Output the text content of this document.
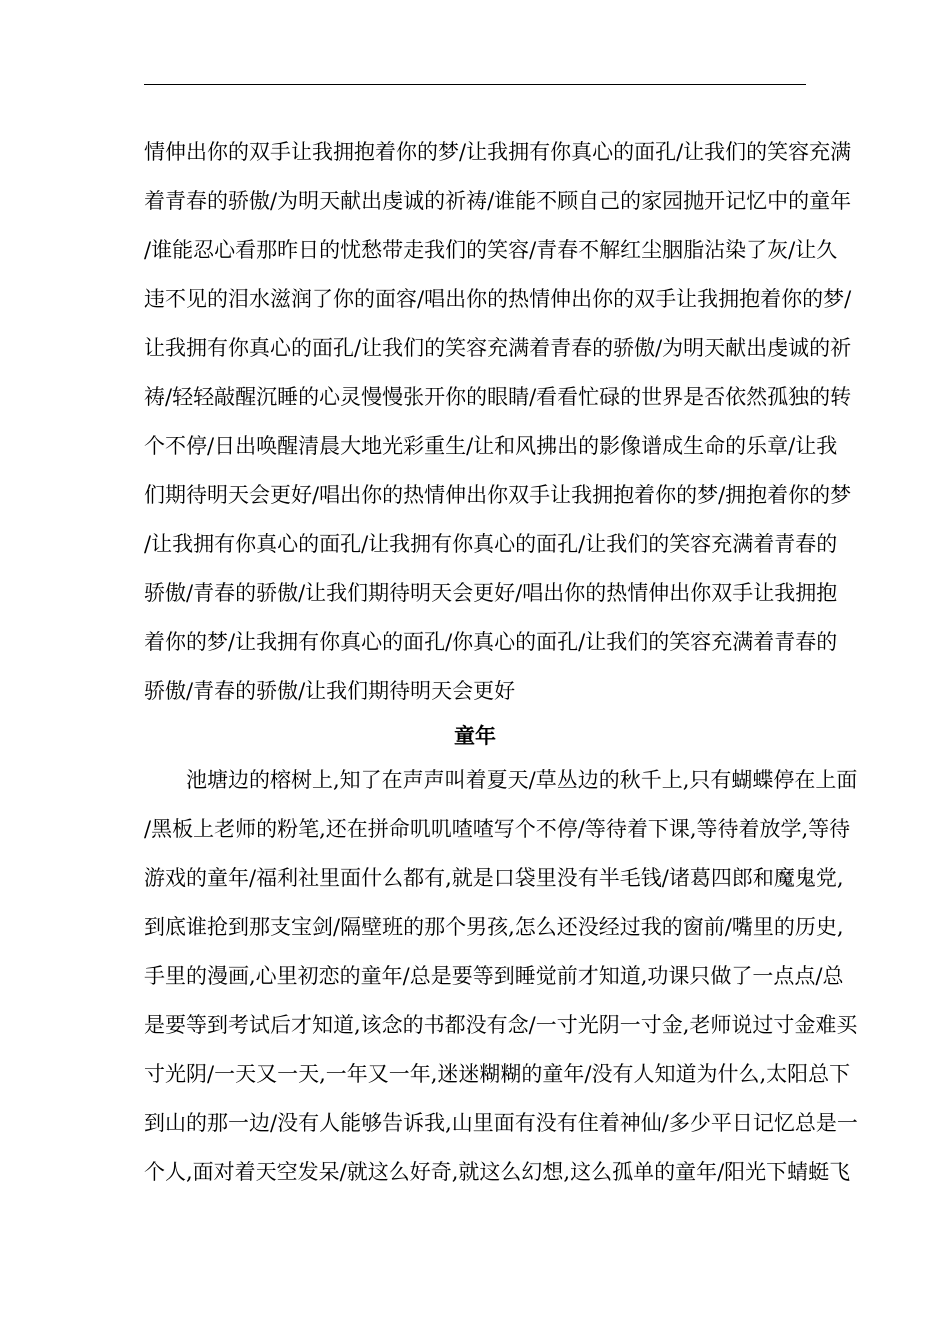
情伸出你的双手让我拥抱着你的梦/让我拥有你真心的面孔/让我们的笑容充满
着青春的骄傲/为明天献出虔诚的祈祷/谁能不顾自己的家园抛开记忆中的童年
/谁能忍心看那昨日的忧愁带走我们的笑容/青春不解红尘胭脂沾染了灰/让久
违不见的泪水滋润了你的面容/唱出你的热情伸出你的双手让我拥抱着你的梦/
让我拥有你真心的面孔/让我们的笑容充满着青春的骄傲/为明天献出虔诚的祈
祷/轻轻敲醒沉睡的心灵慢慢张开你的眼睛/看看忙碌的世界是否依然孤独的转
个不停/日出唤醒清晨大地光彩重生/让和风拂出的影像谱成生命的乐章/让我
们期待明天会更好/唱出你的热情伸出你双手让我拥抱着你的梦/拥抱着你的梦
/让我拥有你真心的面孔/让我拥有你真心的面孔/让我们的笑容充满着青春的
骄傲/青春的骄傲/让我们期待明天会更好/唱出你的热情伸出你双手让我拥抱
着你的梦/让我拥有你真心的面孔/你真心的面孔/让我们的笑容充满着青春的
骄傲/青春的骄傲/让我们期待明天会更好
童年
池塘边的榕树上,知了在声声叫着夏天/草丛边的秋千上,只有蝴蝶停在上面
/黑板上老师的粉笔,还在拼命叽叽喳喳写个不停/等待着下课,等待着放学,等待
游戏的童年/福利社里面什么都有,就是口袋里没有半毛钱/诸葛四郎和魔鬼党,
到底谁抢到那支宝剑/隔壁班的那个男孩,怎么还没经过我的窗前/嘴里的历史,
手里的漫画,心里初恋的童年/总是要等到睡觉前才知道,功课只做了一点点/总
是要等到考试后才知道,该念的书都没有念/一寸光阴一寸金,老师说过寸金难买
寸光阴/一天又一天,一年又一年,迷迷糊糊的童年/没有人知道为什么,太阳总下
到山的那一边/没有人能够告诉我,山里面有没有住着神仙/多少平日记忆总是一
个人,面对着天空发呆/就这么好奇,就这么幻想,这么孤单的童年/阳光下蜻蜓飞
